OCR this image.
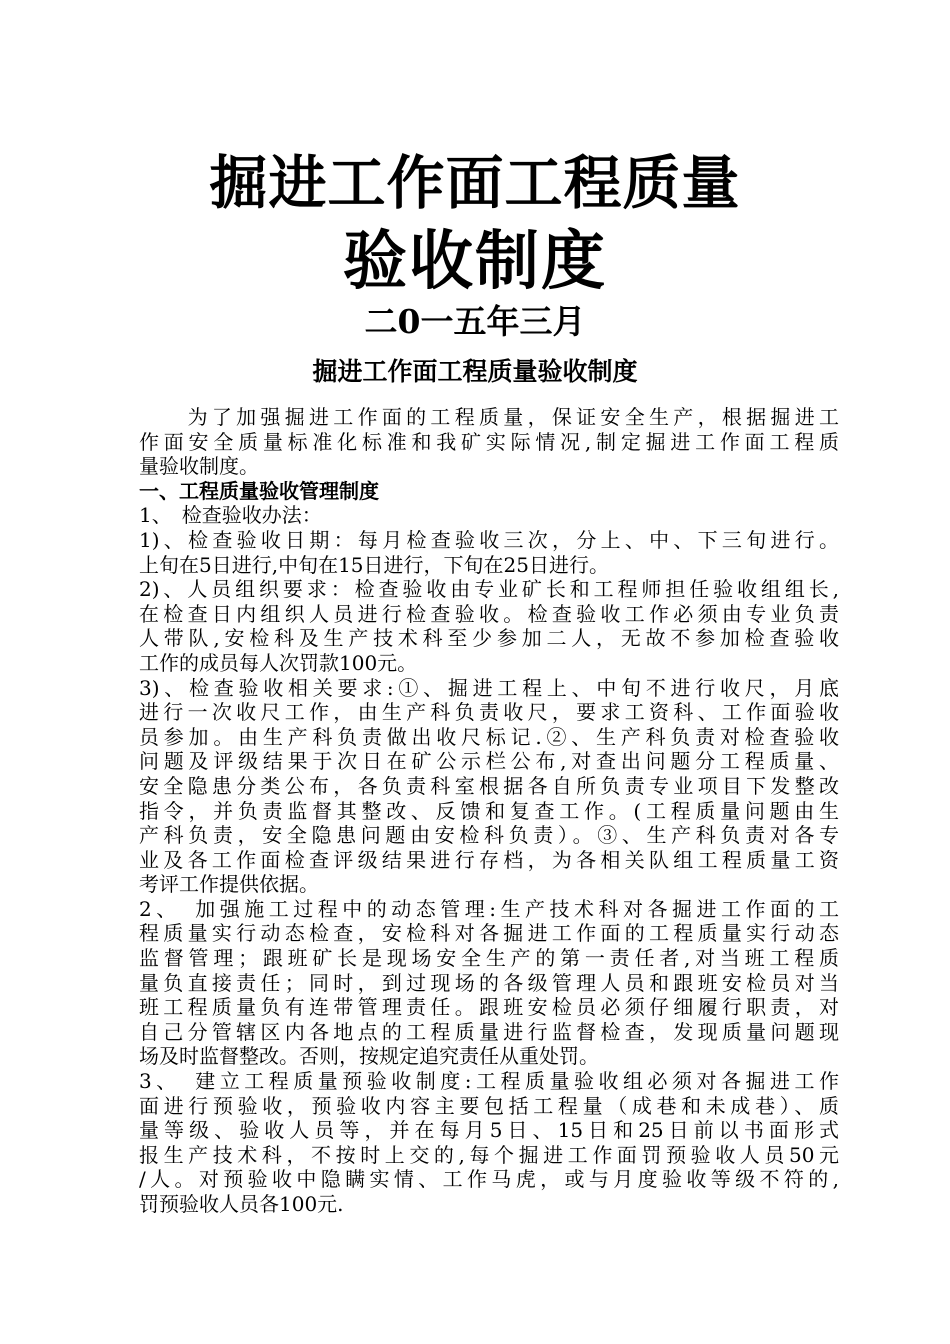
掘进工作面工程质量
验收制度
二0一五年三月
掘进工作面工程质量验收制度
　　为了加强掘进工作面的工程质量，保证安全生产，根据掘进工
作面安全质量标准化标准和我矿实际情况,制定掘进工作面工程质
量验收制度。
一、工程质量验收管理制度
1、　检查验收办法：
1)、检查验收日期：每月检查验收三次，分上、中、下三旬进行。
上旬在5日进行,中旬在15日进行，下旬在25日进行。
2)、人员组织要求：检查验收由专业矿长和工程师担任验收组组长,
在检查日内组织人员进行检查验收。检查验收工作必须由专业负责
人带队,安检科及生产技术科至少参加二人，无故不参加检查验收
工作的成员每人次罚款100元。
3)、检查验收相关要求:①、掘进工程上、中旬不进行收尺，月底
进行一次收尺工作，由生产科负责收尺，要求工资科、工作面验收
员参加。由生产科负责做出收尺标记.②、生产科负责对检查验收
问题及评级结果于次日在矿公示栏公布,对查出问题分工程质量、
安全隐患分类公布，各负责科室根据各自所负责专业项目下发整改
指令，并负责监督其整改、反馈和复查工作。(工程质量问题由生
产科负责，安全隐患问题由安检科负责）。③、生产科负责对各专
业及各工作面检查评级结果进行存档，为各相关队组工程质量工资
考评工作提供依据。
2、　加强施工过程中的动态管理:生产技术科对各掘进工作面的工
程质量实行动态检查，安检科对各掘进工作面的工程质量实行动态
监督管理；跟班矿长是现场安全生产的第一责任者,对当班工程质
量负直接责任；同时，到过现场的各级管理人员和跟班安检员对当
班工程质量负有连带管理责任。跟班安检员必须仔细履行职责，对
自己分管辖区内各地点的工程质量进行监督检查，发现质量问题现
场及时监督整改。否则，按规定追究责任从重处罚。
3、　建立工程质量预验收制度:工程质量验收组必须对各掘进工作
面进行预验收，预验收内容主要包括工程量（成巷和未成巷）、质
量等级、验收人员等，并在每月5日、15日和25日前以书面形式
报生产技术科，不按时上交的,每个掘进工作面罚预验收人员50元
/人。对预验收中隐瞒实情、工作马虎，或与月度验收等级不符的,
罚预验收人员各100元.
